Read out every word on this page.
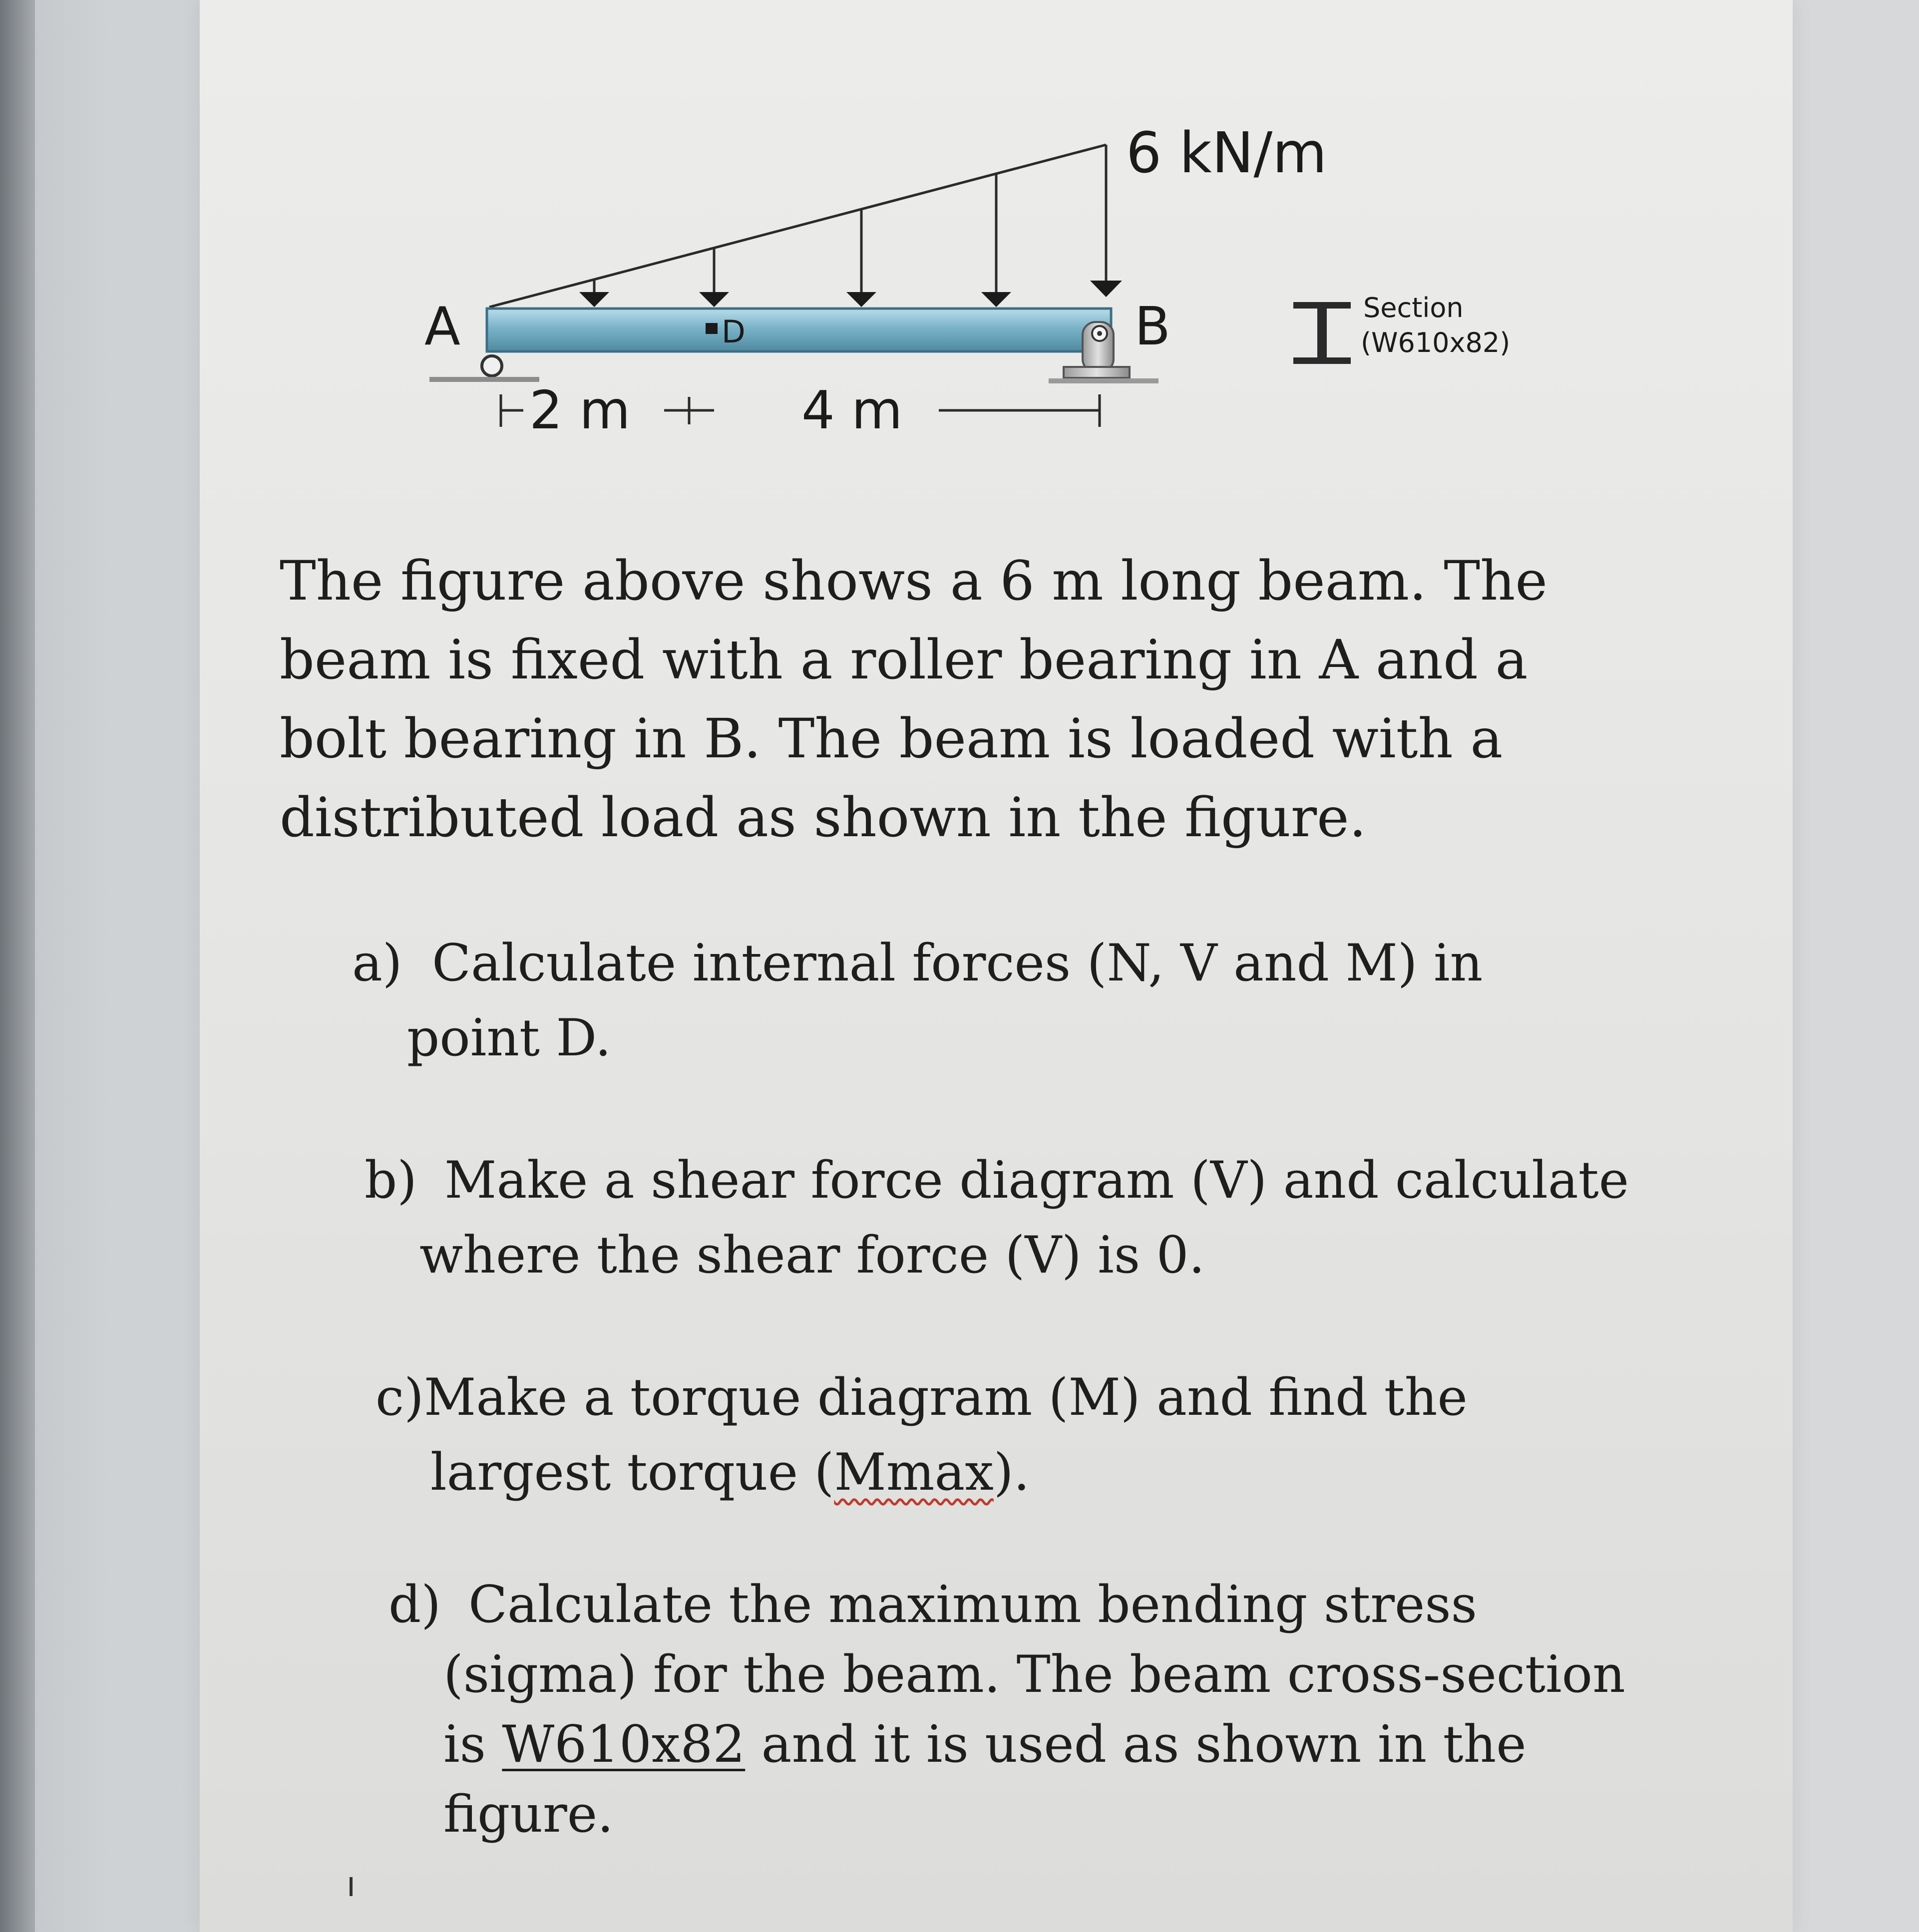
6 kN/m
D
A	B
2 m	4 m
Section
(W610x82)
The figure above shows a 6 m long beam. The beam is fixed with a roller bearing in A and a bolt bearing in B. The beam is loaded with a distributed load as shown in the figure.
a) Calculate internal forces (N, V and M) in
point D.
b) Make a shear force diagram (V) and calculate
where the shear force (V) is 0.
c)Make a torque diagram (M) and find the
largest torque (Mmax).
d) Calculate the maximum bending stress
(sigma) for the beam. The beam cross-section
is W610x82 and it is used as shown in the
figure.
